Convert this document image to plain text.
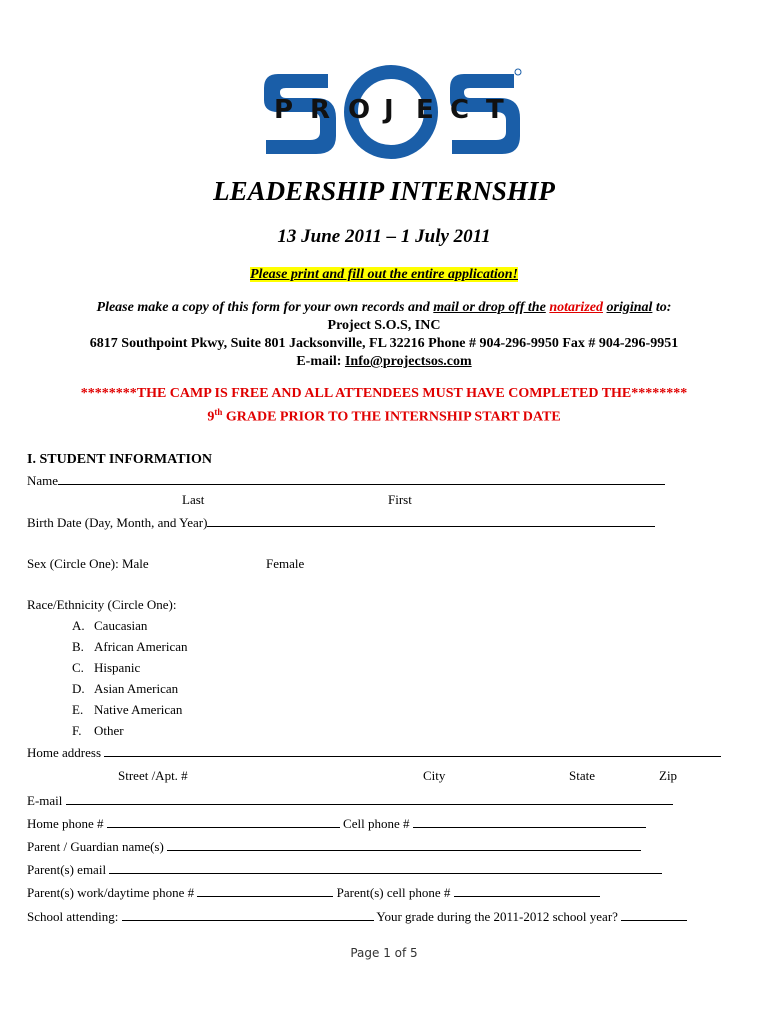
P R O J E C T
LEADERSHIP INTERNSHIP
13 June 2011 – 1 July 2011
Please print and fill out the entire application!
Please make a copy of this form for your own records and mail or drop off the notarized original to:
Project S.O.S, INC
6817 Southpoint Pkwy, Suite 801 Jacksonville, FL 32216 Phone # 904-296-9950 Fax # 904-296-9951
E-mail: Info@projectsos.com
********THE CAMP IS FREE AND ALL ATTENDEES MUST HAVE COMPLETED THE********
9th GRADE PRIOR TO THE INTERNSHIP START DATE
I. STUDENT INFORMATION
Name
Last	First
Birth Date (Day, Month, and Year)
Sex (Circle One): Male	Female
Race/Ethnicity (Circle One):
A. Caucasian
B. African American
C. Hispanic
D. Asian American
E. Native American
F. Other
Home address
Street /Apt. #	City	State	Zip
E-mail
Home phone #	Cell phone #
Parent / Guardian name(s)
Parent(s) email
Parent(s) work/daytime phone #	Parent(s) cell phone #
School attending:	Your grade during the 2011-2012 school year?
Page 1 of 5
